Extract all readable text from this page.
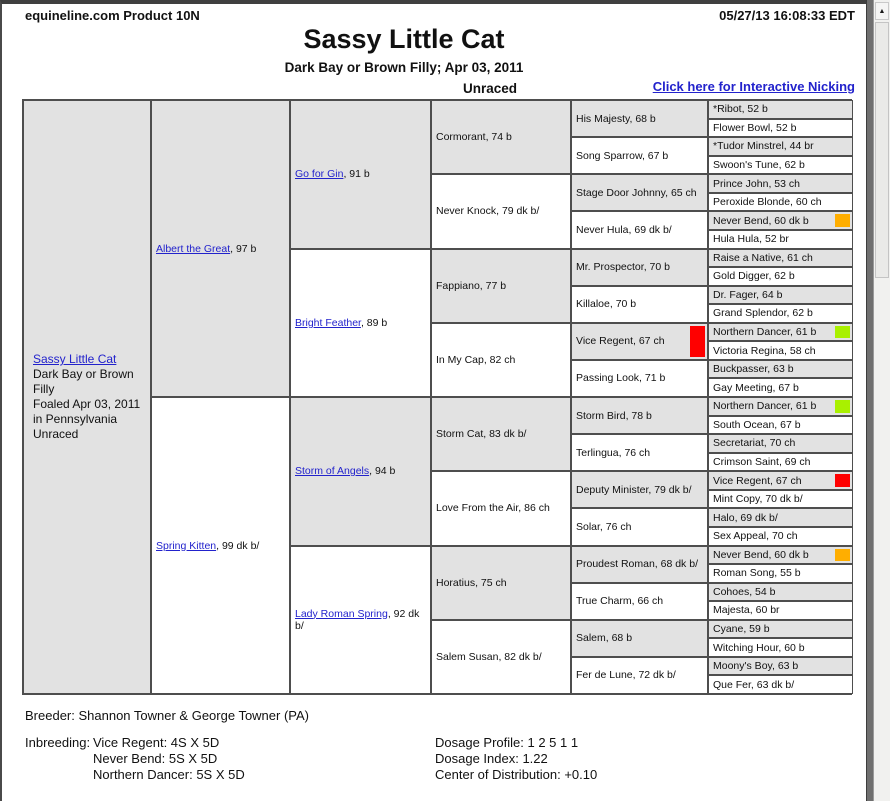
equineline.com Product 10N	05/27/13 16:08:33 EDT
Sassy Little Cat
Dark Bay or Brown Filly; Apr 03, 2011
Unraced	Click here for Interactive Nicking
Sassy Little Cat
Dark Bay or Brown Filly
Foaled Apr 03, 2011
in Pennsylvania
Unraced
Albert the Great, 97 b
Spring Kitten, 99 dk b/
Go for Gin, 91 b
Bright Feather, 89 b
Storm of Angels, 94 b
Lady Roman Spring, 92 dk b/
Cormorant, 74 b
Never Knock, 79 dk b/
Fappiano, 77 b
In My Cap, 82 ch
Storm Cat, 83 dk b/
Love From the Air, 86 ch
Horatius, 75 ch
Salem Susan, 82 dk b/
His Majesty, 68 b
Song Sparrow, 67 b
Stage Door Johnny, 65 ch
Never Hula, 69 dk b/
Mr. Prospector, 70 b
Killaloe, 70 b
Vice Regent, 67 ch
Passing Look, 71 b
Storm Bird, 78 b
Terlingua, 76 ch
Deputy Minister, 79 dk b/
Solar, 76 ch
Proudest Roman, 68 dk b/
True Charm, 66 ch
Salem, 68 b
Fer de Lune, 72 dk b/
*Ribot, 52 b
Flower Bowl, 52 b
*Tudor Minstrel, 44 br
Swoon's Tune, 62 b
Prince John, 53 ch
Peroxide Blonde, 60 ch
Never Bend, 60 dk b
Hula Hula, 52 br
Raise a Native, 61 ch
Gold Digger, 62 b
Dr. Fager, 64 b
Grand Splendor, 62 b
Northern Dancer, 61 b
Victoria Regina, 58 ch
Buckpasser, 63 b
Gay Meeting, 67 b
Northern Dancer, 61 b
South Ocean, 67 b
Secretariat, 70 ch
Crimson Saint, 69 ch
Vice Regent, 67 ch
Mint Copy, 70 dk b/
Halo, 69 dk b/
Sex Appeal, 70 ch
Never Bend, 60 dk b
Roman Song, 55 b
Cohoes, 54 b
Majesta, 60 br
Cyane, 59 b
Witching Hour, 60 b
Moony's Boy, 63 b
Que Fer, 63 dk b/
Breeder: Shannon Towner & George Towner (PA)
Inbreeding: Vice Regent: 4S X 5D
Never Bend: 5S X 5D
Northern Dancer: 5S X 5D
Dosage Profile: 1 2 5 1 1
Dosage Index: 1.22
Center of Distribution: +0.10
▲
